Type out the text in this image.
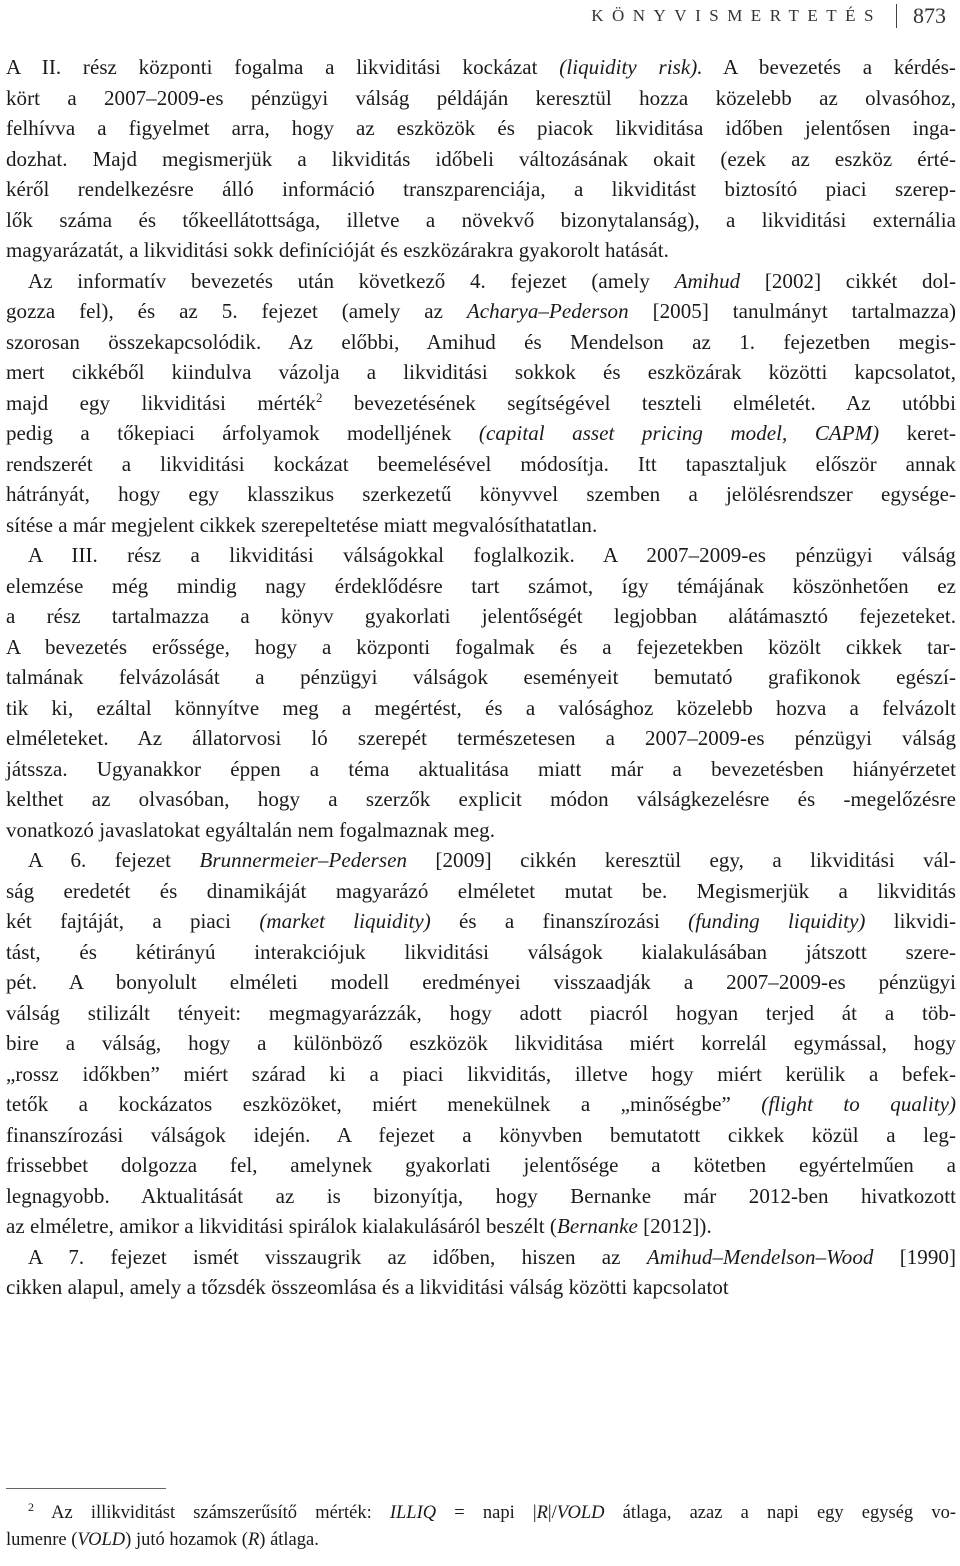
KÖNYVISMERTETÉS	873

A II. rész központi fogalma a likviditási kockázat (liquidity risk). A bevezetés a kérdés-
kört a 2007–2009-es pénzügyi válság példáján keresztül hozza közelebb az olvasóhoz,
felhívva a figyelmet arra, hogy az eszközök és piacok likviditása időben jelentősen inga-
dozhat. Majd megismerjük a likviditás időbeli változásának okait (ezek az eszköz érté-
kéről rendelkezésre álló információ transzparenciája, a likviditást biztosító piaci szerep-
lők száma és tőkeellátottsága, illetve a növekvő bizonytalanság), a likviditási externália
magyarázatát, a likviditási sokk definícióját és eszközárakra gyakorolt hatását.

Az informatív bevezetés után következő 4. fejezet (amely Amihud [2002] cikkét dol-
gozza fel), és az 5. fejezet (amely az Acharya–Pederson [2005] tanulmányt tartalmazza)
szorosan összekapcsolódik. Az előbbi, Amihud és Mendelson az 1. fejezetben megis-
mert cikkéből kiindulva vázolja a likviditási sokkok és eszközárak közötti kapcsolatot,
majd egy likviditási mérték$^2$ bevezetésének segítségével teszteli elméletét. Az utóbbi
pedig a tőkepiaci árfolyamok modelljének (capital asset pricing model, CAPM) keret-
rendszerét a likviditási kockázat beemelésével módosítja. Itt tapasztaljuk először annak
hátrányát, hogy egy klasszikus szerkezetű könyvvel szemben a jelölésrendszer egysége-
sítése a már megjelent cikkek szerepeltetése miatt megvalósíthatatlan.

A III. rész a likviditási válságokkal foglalkozik. A 2007–2009-es pénzügyi válság
elemzése még mindig nagy érdeklődésre tart számot, így témájának köszönhetően ez
a rész tartalmazza a könyv gyakorlati jelentőségét legjobban alátámasztó fejezeteket.
A bevezetés erőssége, hogy a központi fogalmak és a fejezetekben közölt cikkek tar-
talmának felvázolását a pénzügyi válságok eseményeit bemutató grafikonok egészí-
tik ki, ezáltal könnyítve meg a megértést, és a valósághoz közelebb hozva a felvázolt
elméleteket. Az állatorvosi ló szerepét természetesen a 2007–2009-es pénzügyi válság
játssza. Ugyanakkor éppen a téma aktualitása miatt már a bevezetésben hiányérzetet
kelthet az olvasóban, hogy a szerzők explicit módon válságkezelésre és -megelőzésre
vonatkozó javaslatokat egyáltalán nem fogalmaznak meg.

A 6. fejezet Brunnermeier–Pedersen [2009] cikkén keresztül egy, a likviditási vál-
ság eredetét és dinamikáját magyarázó elméletet mutat be. Megismerjük a likviditás
két fajtáját, a piaci (market liquidity) és a finanszírozási (funding liquidity) likvidi-
tást, és kétirányú interakciójuk likviditási válságok kialakulásában játszott szere-
pét. A bonyolult elméleti modell eredményei visszaadják a 2007–2009-es pénzügyi
válság stilizált tényeit: megmagyarázzák, hogy adott piacról hogyan terjed át a töb-
bire a válság, hogy a különböző eszközök likviditása miért korrelál egymással, hogy
„rossz időkben” miért szárad ki a piaci likviditás, illetve hogy miért kerülik a befek-
tetők a kockázatos eszközöket, miért menekülnek a „minőségbe” (flight to quality)
finanszírozási válságok idején. A fejezet a könyvben bemutatott cikkek közül a leg-
frissebbet dolgozza fel, amelynek gyakorlati jelentősége a kötetben egyértelműen a
legnagyobb. Aktualitását az is bizonyítja, hogy Bernanke már 2012-ben hivatkozott
az elméletre, amikor a likviditási spirálok kialakulásáról beszélt (Bernanke [2012]).

A 7. fejezet ismét visszaugrik az időben, hiszen az Amihud–Mendelson–Wood [1990]
cikken alapul, amely a tőzsdék összeomlása és a likviditási válság közötti kapcsolatot

$^2$ Az illikviditást számszerűsítő mérték: ILLIQ = napi |R|/VOLD átlaga, azaz a napi egy egység vo-
lumenre (VOLD) jutó hozamok (R) átlaga.
